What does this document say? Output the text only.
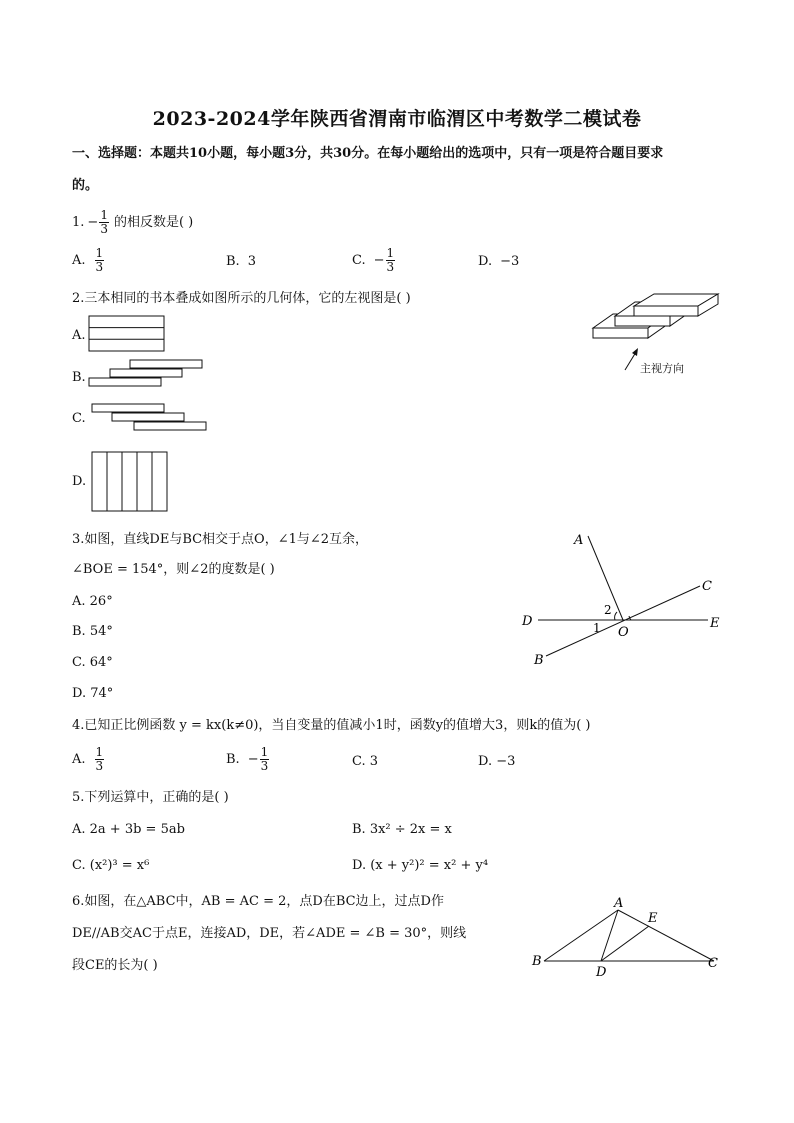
2023-2024学年陕西省渭南市临渭区中考数学二模试卷
一、选择题：本题共10小题，每小题3分，共30分。在每小题给出的选项中，只有一项是符合题目要求
的。
1. − $\frac{1}{3}$ 的相反数是( )
A. $\frac{1}{3}$	B. 3	C. − $\frac{1}{3}$	D. −3
2.三本相同的书本叠成如图所示的几何体，它的左视图是( )
A.
B.
C.
D.
主视方向
3.如图，直线DE与BC相交于点O，∠1与∠2互余，
∠BOE = 154°，则∠2的度数是( )
A. 26°
B. 54°
C. 64°
D. 74°
A
C
D	E
O
B
1
2
4.已知正比例函数 y = kx(k≠0)，当自变量的值减小1时，函数y的值增大3，则k的值为( )
A. $\frac{1}{3}$	B. − $\frac{1}{3}$	C. 3	D. −3
5.下列运算中，正确的是( )
A. 2a + 3b = 5ab	B. 3x² ÷ 2x = x
C. (x²)³ = x⁶	D. (x + y²)² = x² + y⁴
6.如图，在△ABC中，AB = AC = 2，点D在BC边上，过点D作
DE//AB交AC于点E，连接AD，DE，若∠ADE = ∠B = 30°，则线
段CE的长为( )
A
E
B
D
C
